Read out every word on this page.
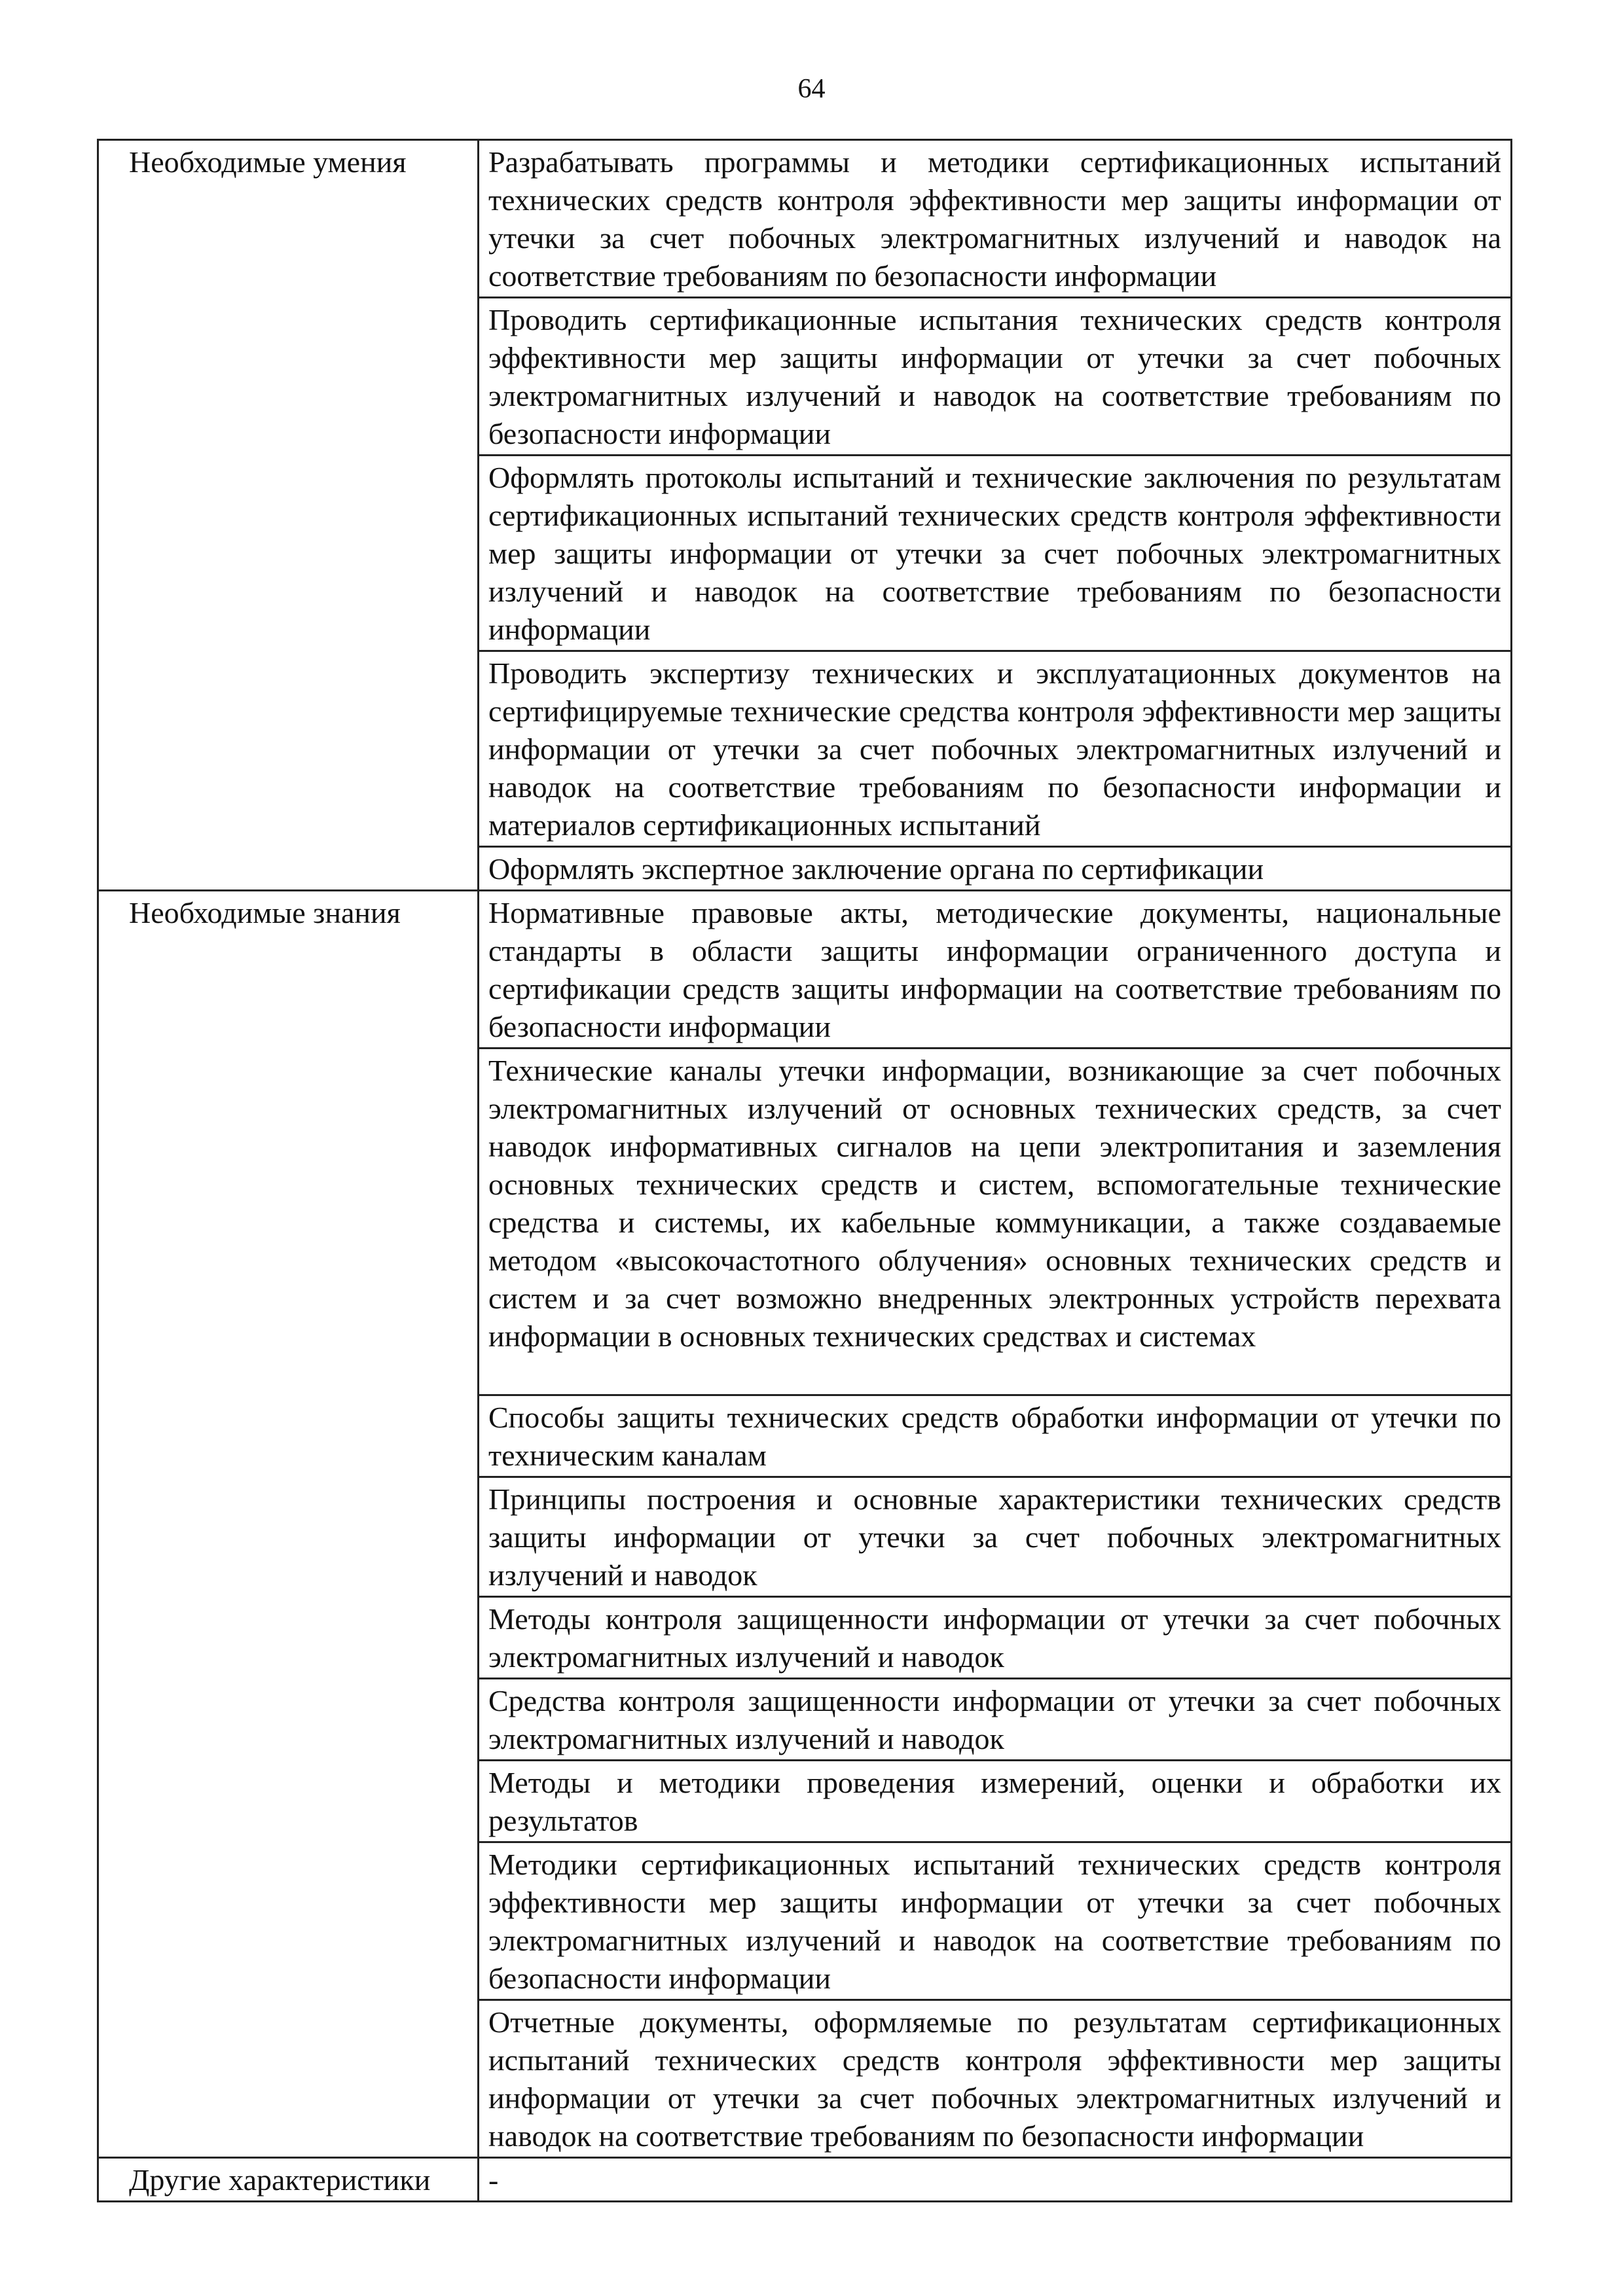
64
Необходимые умения	Разрабатывать программы и методики сертификационных испытаний технических средств контроля эффективности мер защиты информации от утечки за счет побочных электромагнитных излучений и наводок на соответствие требованиям по безопасности информации
	Проводить сертификационные испытания технических средств контроля эффективности мер защиты информации от утечки за счет побочных электромагнитных излучений и наводок на соответствие требованиям по безопасности информации
	Оформлять протоколы испытаний и технические заключения по результатам сертификационных испытаний технических средств контроля эффективности мер защиты информации от утечки за счет побочных электромагнитных излучений и наводок на соответствие требованиям по безопасности информации
	Проводить экспертизу технических и эксплуатационных документов на сертифицируемые технические средства контроля эффективности мер защиты информации от утечки за счет побочных электромагнитных излучений и наводок на соответствие требованиям по безопасности информации и материалов сертификационных испытаний
	Оформлять экспертное заключение органа по сертификации
Необходимые знания	Нормативные правовые акты, методические документы, национальные стандарты в области защиты информации ограниченного доступа и сертификации средств защиты информации на соответствие требованиям по безопасности информации
	Технические каналы утечки информации, возникающие за счет побочных электромагнитных излучений от основных технических средств, за счет наводок информативных сигналов на цепи электропитания и заземления основных технических средств и систем, вспомогательные технические средства и системы, их кабельные коммуникации, а также создаваемые методом «высокочастотного облучения» основных технических средств и систем и за счет возможно внедренных электронных устройств перехвата информации в основных технических средствах и системах
	Способы защиты технических средств обработки информации от утечки по техническим каналам
	Принципы построения и основные характеристики технических средств защиты информации от утечки за счет побочных электромагнитных излучений и наводок
	Методы контроля защищенности информации от утечки за счет побочных электромагнитных излучений и наводок
	Средства контроля защищенности информации от утечки за счет побочных электромагнитных излучений и наводок
	Методы и методики проведения измерений, оценки и обработки их результатов
	Методики сертификационных испытаний технических средств контроля эффективности мер защиты информации от утечки за счет побочных электромагнитных излучений и наводок на соответствие требованиям по безопасности информации
	Отчетные документы, оформляемые по результатам сертификационных испытаний технических средств контроля эффективности мер защиты информации от утечки за счет побочных электромагнитных излучений и наводок на соответствие требованиям по безопасности информации
Другие характеристики	-
